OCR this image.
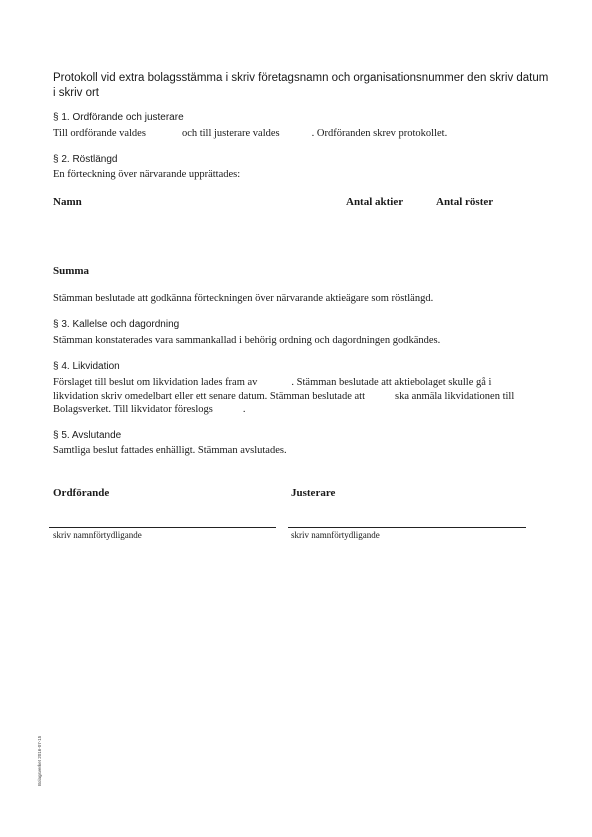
Protokoll vid extra bolagsstämma i skriv företagsnamn och organisationsnummer den skriv datum i skriv ort
§ 1. Ordförande och justerare
Till ordförande valdes	och till justerare valdes	. Ordföranden skrev protokollet.
§ 2. Röstlängd
En förteckning över närvarande upprättades:
Namn	Antal aktier	Antal röster
Summa
Stämman beslutade att godkänna förteckningen över närvarande aktieägare som röstlängd.
§ 3. Kallelse och dagordning
Stämman konstaterades vara sammankallad i behörig ordning och dagordningen godkändes.
§ 4. Likvidation
Förslaget till beslut om likvidation lades fram av	. Stämman beslutade att aktiebolaget skulle gå i likvidation skriv omedelbart eller ett senare datum. Stämman beslutade att	ska anmäla likvidationen till Bolagsverket. Till likvidator föreslogs	.
§ 5. Avslutande
Samtliga beslut fattades enhälligt. Stämman avslutades.
Ordförande	Justerare
skriv namnförtydligande	skriv namnförtydligande
Bolagsverket 2016-07-15
